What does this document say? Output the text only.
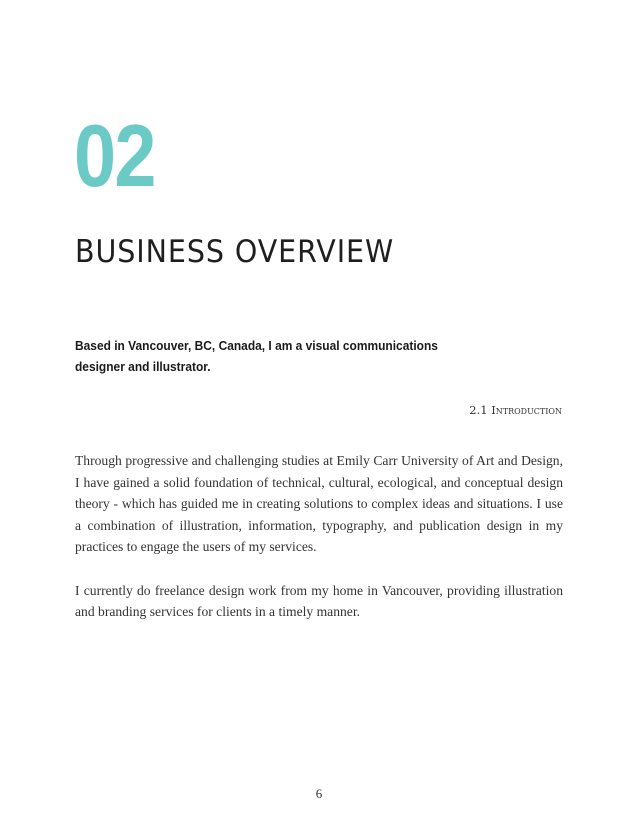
02
BUSINESS OVERVIEW
Based in Vancouver, BC, Canada, I am a visual communications designer and illustrator.
2.1 Introduction

Through progressive and challenging studies at Emily Carr University of Art and Design, I have gained a solid foundation of technical, cultural, ecological, and conceptual design theory - which has guided me in creating solutions to complex ideas and situations. I use a combination of illustration, information, typography, and publication design in my practices to engage the users of my services.

I currently do freelance design work from my home in Vancouver, providing illustration and branding services for clients in a timely manner.

6
